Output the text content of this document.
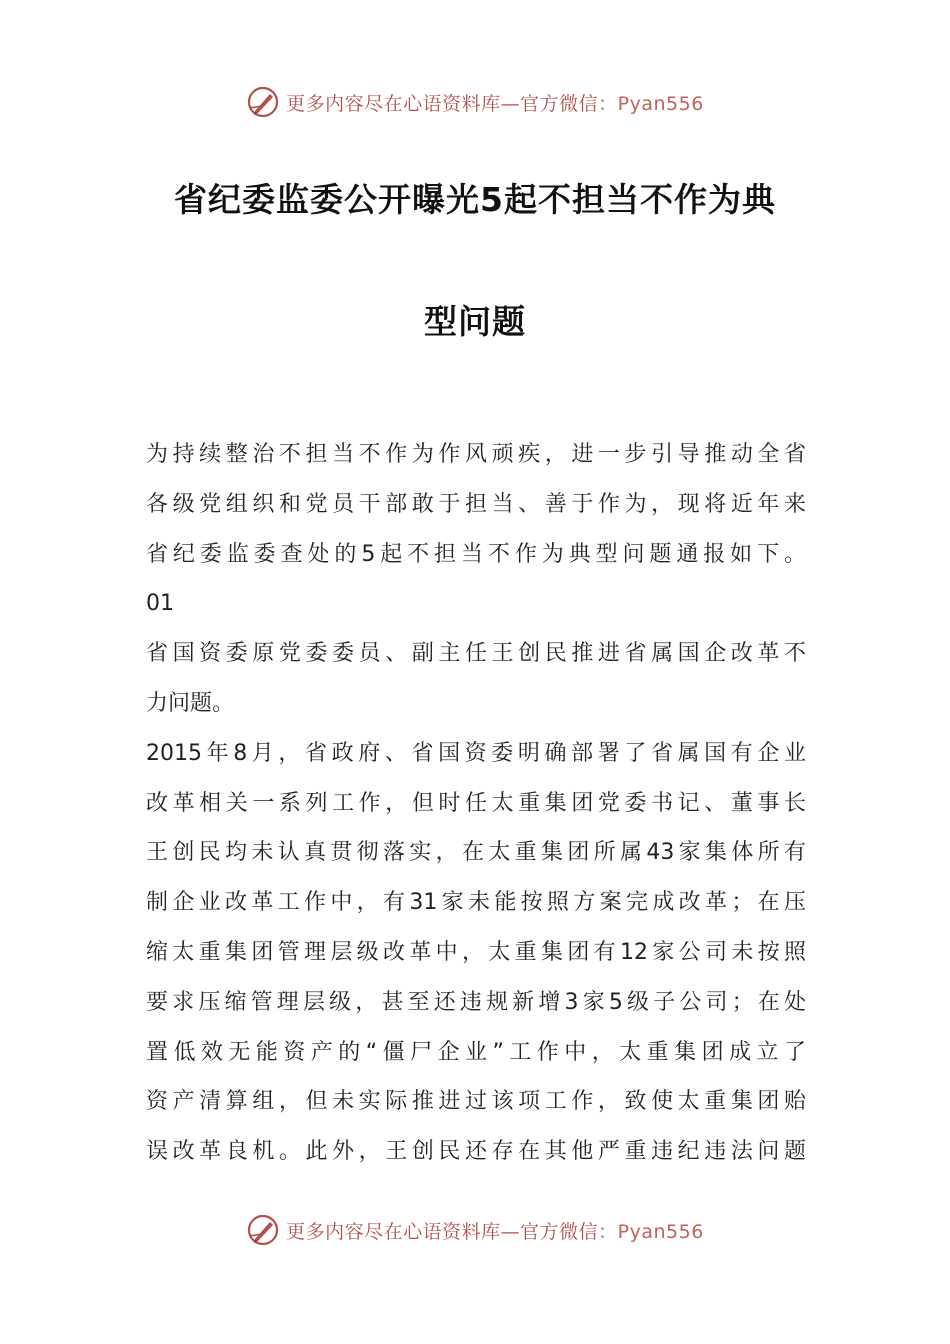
更多内容尽在心语资料库—官方微信：Pyan556
省纪委监委公开曝光5起不担当不作为典
型问题
为持续整治不担当不作为作风顽疾，进一步引导推动全省
各级党组织和党员干部敢于担当、善于作为，现将近年来
省纪委监委查处的5起不担当不作为典型问题通报如下。
01
省国资委原党委委员、副主任王创民推进省属国企改革不
力问题。
2015年8月，省政府、省国资委明确部署了省属国有企业
改革相关一系列工作，但时任太重集团党委书记、董事长
王创民均未认真贯彻落实，在太重集团所属43家集体所有
制企业改革工作中，有31家未能按照方案完成改革；在压
缩太重集团管理层级改革中，太重集团有12家公司未按照
要求压缩管理层级，甚至还违规新增3家5级子公司；在处
置低效无能资产的“僵尸企业”工作中，太重集团成立了
资产清算组，但未实际推进过该项工作，致使太重集团贻
误改革良机。此外，王创民还存在其他严重违纪违法问题
更多内容尽在心语资料库—官方微信：Pyan556
